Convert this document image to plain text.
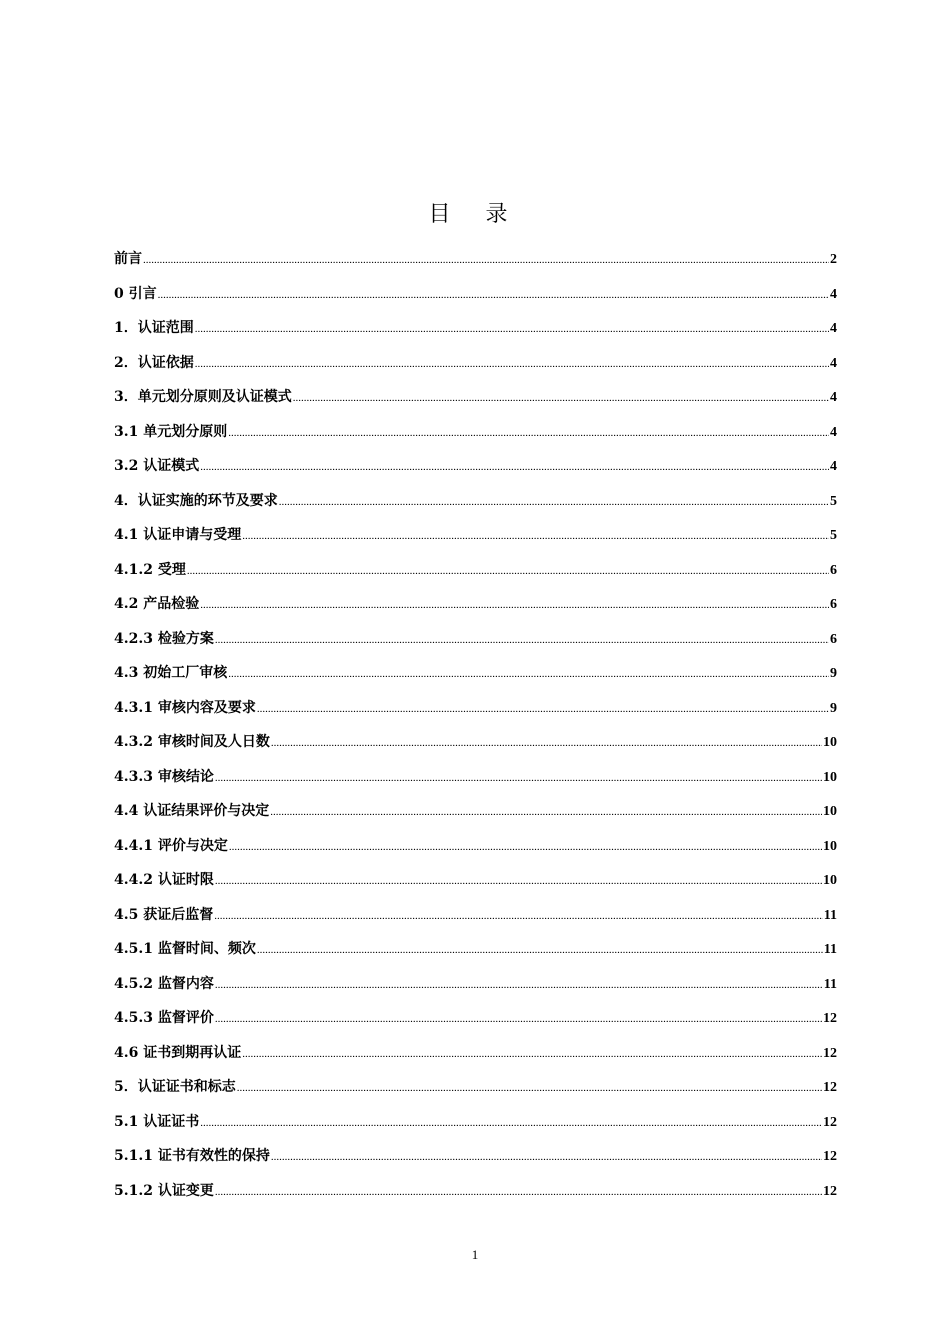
目 录
前言 .....	2
0 引言 .....	4
1．认证范围 .....	4
2．认证依据 .....	4
3．单元划分原则及认证模式 .....	4
3.1 单元划分原则 .....	4
3.2 认证模式 .....	4
4．认证实施的环节及要求 .....	5
4.1 认证申请与受理 .....	5
4.1.2 受理 .....	6
4.2 产品检验 .....	6
4.2.3 检验方案 .....	6
4.3 初始工厂审核 .....	9
4.3.1 审核内容及要求 .....	9
4.3.2 审核时间及人日数 .....	10
4.3.3 审核结论 .....	10
4.4 认证结果评价与决定 .....	10
4.4.1 评价与决定 .....	10
4.4.2 认证时限 .....	10
4.5 获证后监督 .....	11
4.5.1 监督时间、频次 .....	11
4.5.2 监督内容 .....	11
4.5.3 监督评价 .....	12
4.6 证书到期再认证 .....	12
5．认证证书和标志 .....	12
5.1 认证证书 .....	12
5.1.1 证书有效性的保持 .....	12
5.1.2 认证变更 .....	12
1
